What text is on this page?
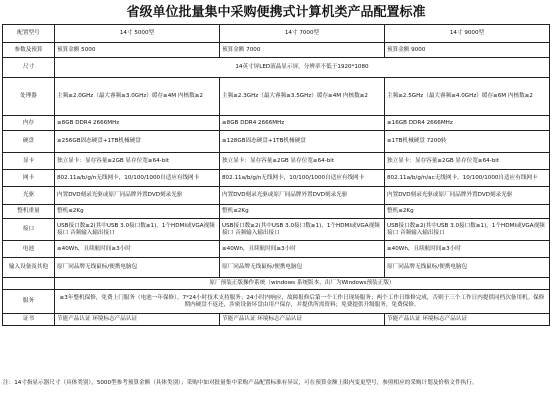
省级单位批量集中采购便携式计算机类产品配置标准
配置型号	14寸 5000型	14寸 7000型	14寸 9000型
参数及预算	预算金额 5000	预算金额 7000	预算金额 9000
尺寸	14英寸屏LED液晶显示屏，分辨率不低于1920*1080		
处理器	主频≥2.0GHz（最大睿频≥3.0GHz）缓存≥4M 内核数≥2	主频≥2.3GHz（最大睿频≥3.5GHz）缓存≥4M 内核数≥2	主频≥2.5GHz（最大睿频≥4.0GHz）缓存≥6M 内核数≥2
内存	≥8GB DDR4 2666MHz	≥8GB DDR4 2666MHz	≥16GB DDR4 2666MHz
硬盘	≥256GB固态硬盘+1TB机械硬盘	≥128GB固态硬盘+1TB机械硬盘	≥1TB机械硬盘 7200转
显卡	独立显卡：显存容量≥2GB 显存位宽≥64-bit	独立显卡：显存容量≥2GB 显存位宽≥64-bit	独立显卡：显存容量≥2GB 显存位宽≥64-bit
网卡	802.11a/b/g/n无线网卡，10/100/1000自适应有线网卡	802.11a/b/g/n无线网卡，10/100/1000自适应有线网卡	802.11a/b/g/n/ac无线网卡，10/100/1000自适应有线网卡
光驱	内置DVD刻录光驱或原厂同品牌外置DVD刻录光驱	内置DVD刻录光驱或原厂同品牌外置DVD刻录光驱	内置DVD刻录光驱或原厂同品牌外置DVD刻录光驱
整机重量	整机≤2Kg	整机≤2Kg	整机≤2Kg
接口	USB接口数≥2(其中USB 3.0接口数≥1)，1个HDMI或VGA视频接口 音频输入输出接口	USB接口数≥2(其中USB 3.0接口数≥1)，1个HDMI或VGA视频接口 音频输入输出接口	USB接口数≥2(其中USB 3.0接口数≥1)，1个HDMI或VGA视频接口 音频输入输出接口
电池	≥40Wh，且续航时间≥3小时	≥40Wh，且续航时间≥3小时	≥40Wh，且续航时间≥3小时
输入设备及其他	原厂同品牌无线鼠标/便携电脑包	原厂同品牌无线鼠标/便携电脑包	原厂同品牌无线鼠标/便携电脑包
	原厂预装正版操作系统（windows 系统版本，出厂为Windows预装正版）		
服务	≥3年整机保修，免费上门服务（电池一年保修），7*24小时技术支持服务；24小时内响应，故障报修后第一个工作日现场服务；两个工作日维修完成，否则于三个工作日内提供同档次备用机。保修期内硬盘不返还，涉密设备坏盘由用户保存，并提供所需资料；免费提供升级服务，免费保修。		
证书	节能产品认证 环境标志产品认证	节能产品认证 环境标志产品认证	节能产品认证 环境标志产品认证
注：14寸指显示器尺寸（具体类别），5000型参考预算金额（具体类别）；采购中如对批量集中采购产品配置标准有异议，可在预算金额上限内变更型号，参照相应的采购计划及价格文件执行。
